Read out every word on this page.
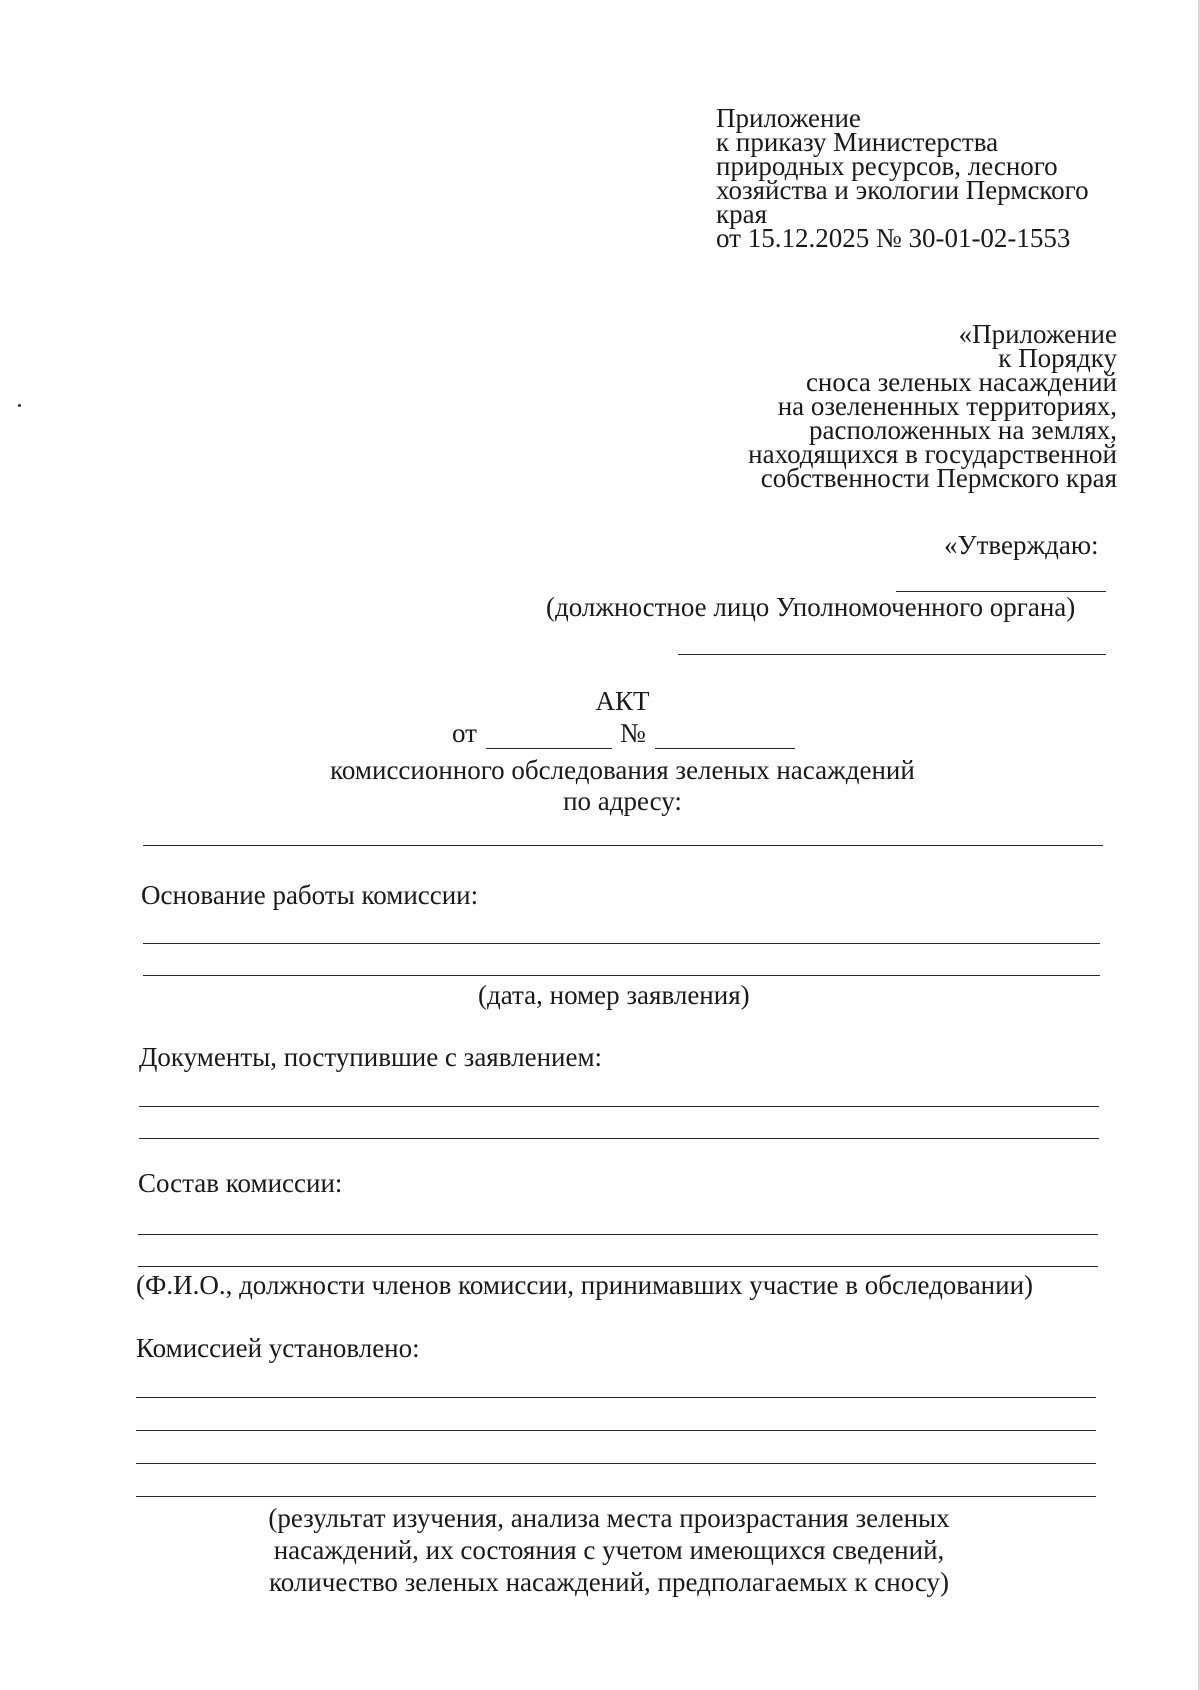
Приложение
к приказу Министерства
природных ресурсов, лесного
хозяйства и экологии Пермского
края
от 15.12.2025 № 30-01-02-1553
«Приложение
к Порядку
сноса зеленых насаждений
на озелененных территориях,
расположенных на землях,
находящихся в государственной
собственности Пермского края
«Утверждаю:
(должностное лицо Уполномоченного органа)
АКТ
от	№
комиссионного обследования зеленых насаждений
по адресу:
Основание работы комиссии:
(дата, номер заявления)
Документы, поступившие с заявлением:
Состав комиссии:
(Ф.И.О., должности членов комиссии, принимавших участие в обследовании)
Комиссией установлено:
(результат изучения, анализа места произрастания зеленых
насаждений, их состояния с учетом имеющихся сведений,
количество зеленых насаждений, предполагаемых к сносу)
